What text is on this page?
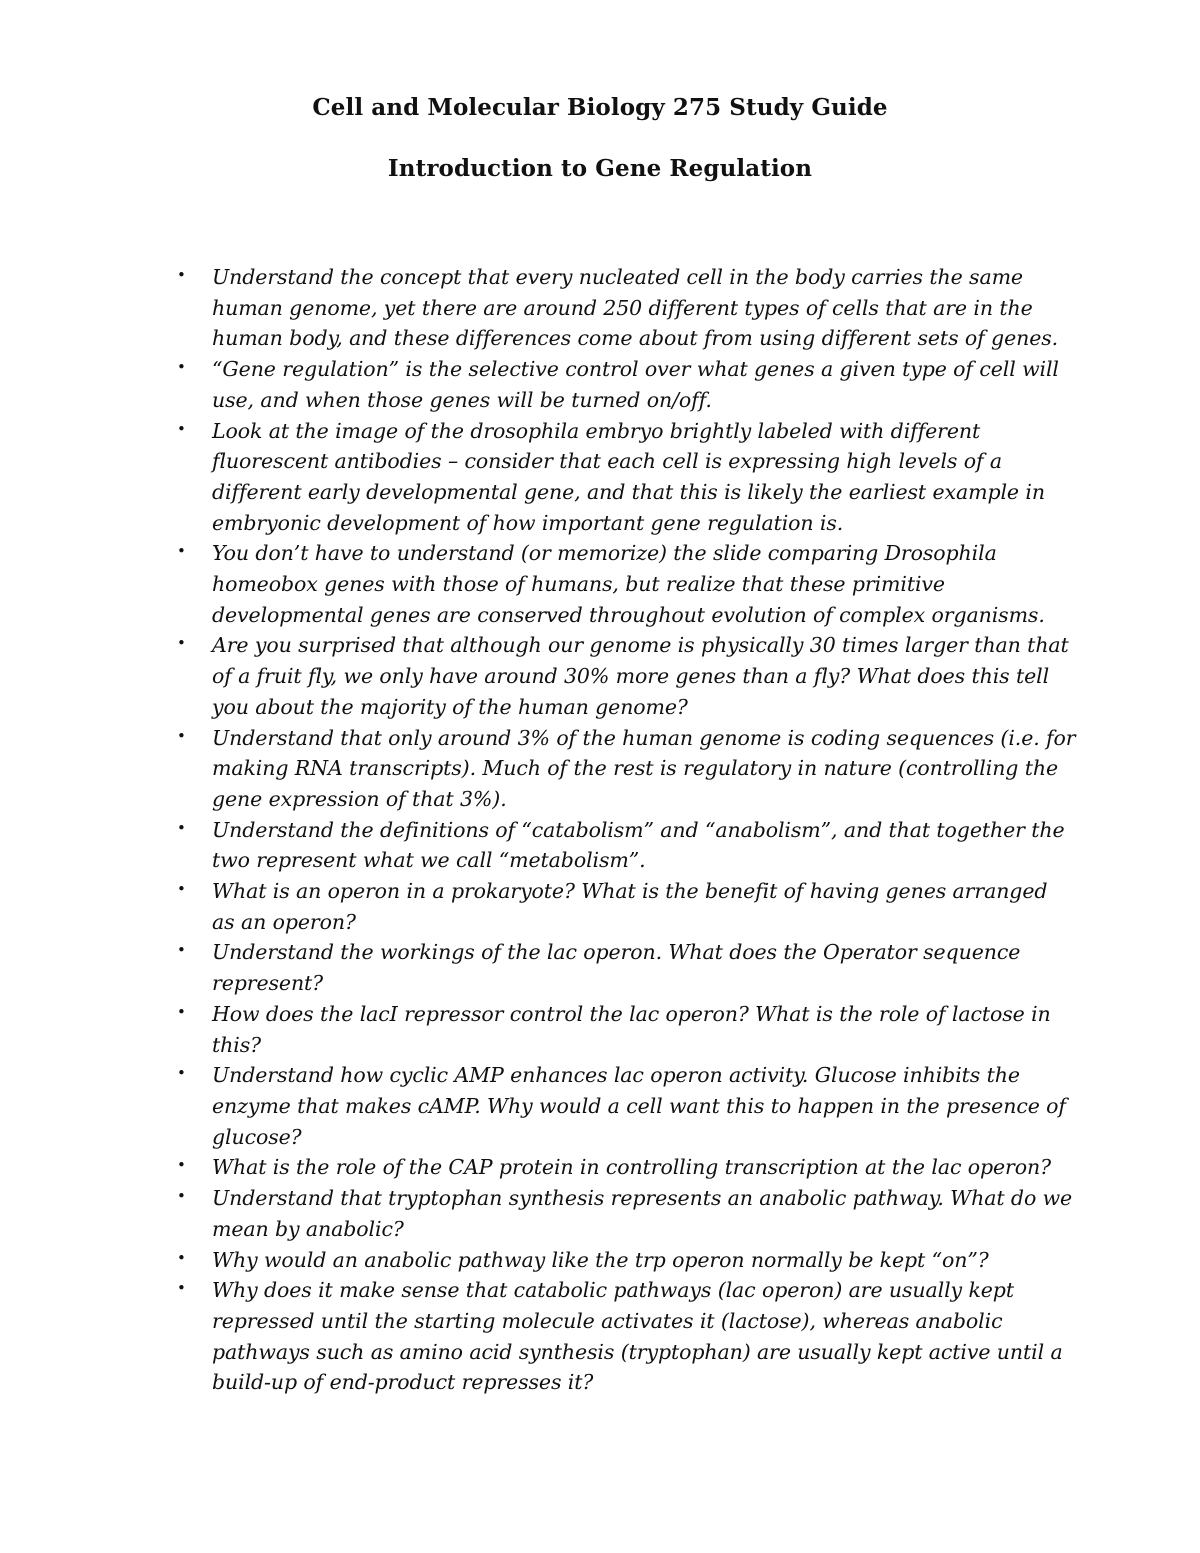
Cell and Molecular Biology 275 Study Guide
Introduction to Gene Regulation
• Understand the concept that every nucleated cell in the body carries the same human genome, yet there are around 250 different types of cells that are in the human body, and these differences come about from using different sets of genes.
• “Gene regulation” is the selective control over what genes a given type of cell will use, and when those genes will be turned on/off.
• Look at the image of the drosophila embryo brightly labeled with different fluorescent antibodies – consider that each cell is expressing high levels of a different early developmental gene, and that this is likely the earliest example in embryonic development of how important gene regulation is.
• You don’t have to understand (or memorize) the slide comparing Drosophila homeobox genes with those of humans, but realize that these primitive developmental genes are conserved throughout evolution of complex organisms.
• Are you surprised that although our genome is physically 30 times larger than that of a fruit fly, we only have around 30% more genes than a fly? What does this tell you about the majority of the human genome?
• Understand that only around 3% of the human genome is coding sequences (i.e. for making RNA transcripts). Much of the rest is regulatory in nature (controlling the gene expression of that 3%).
• Understand the definitions of “catabolism” and “anabolism”, and that together the two represent what we call “metabolism”.
• What is an operon in a prokaryote? What is the benefit of having genes arranged as an operon?
• Understand the workings of the lac operon. What does the Operator sequence represent?
• How does the lacI repressor control the lac operon? What is the role of lactose in this?
• Understand how cyclic AMP enhances lac operon activity. Glucose inhibits the enzyme that makes cAMP. Why would a cell want this to happen in the presence of glucose?
• What is the role of the CAP protein in controlling transcription at the lac operon?
• Understand that tryptophan synthesis represents an anabolic pathway. What do we mean by anabolic?
• Why would an anabolic pathway like the trp operon normally be kept “on”?
• Why does it make sense that catabolic pathways (lac operon) are usually kept repressed until the starting molecule activates it (lactose), whereas anabolic pathways such as amino acid synthesis (tryptophan) are usually kept active until a build-up of end-product represses it?
